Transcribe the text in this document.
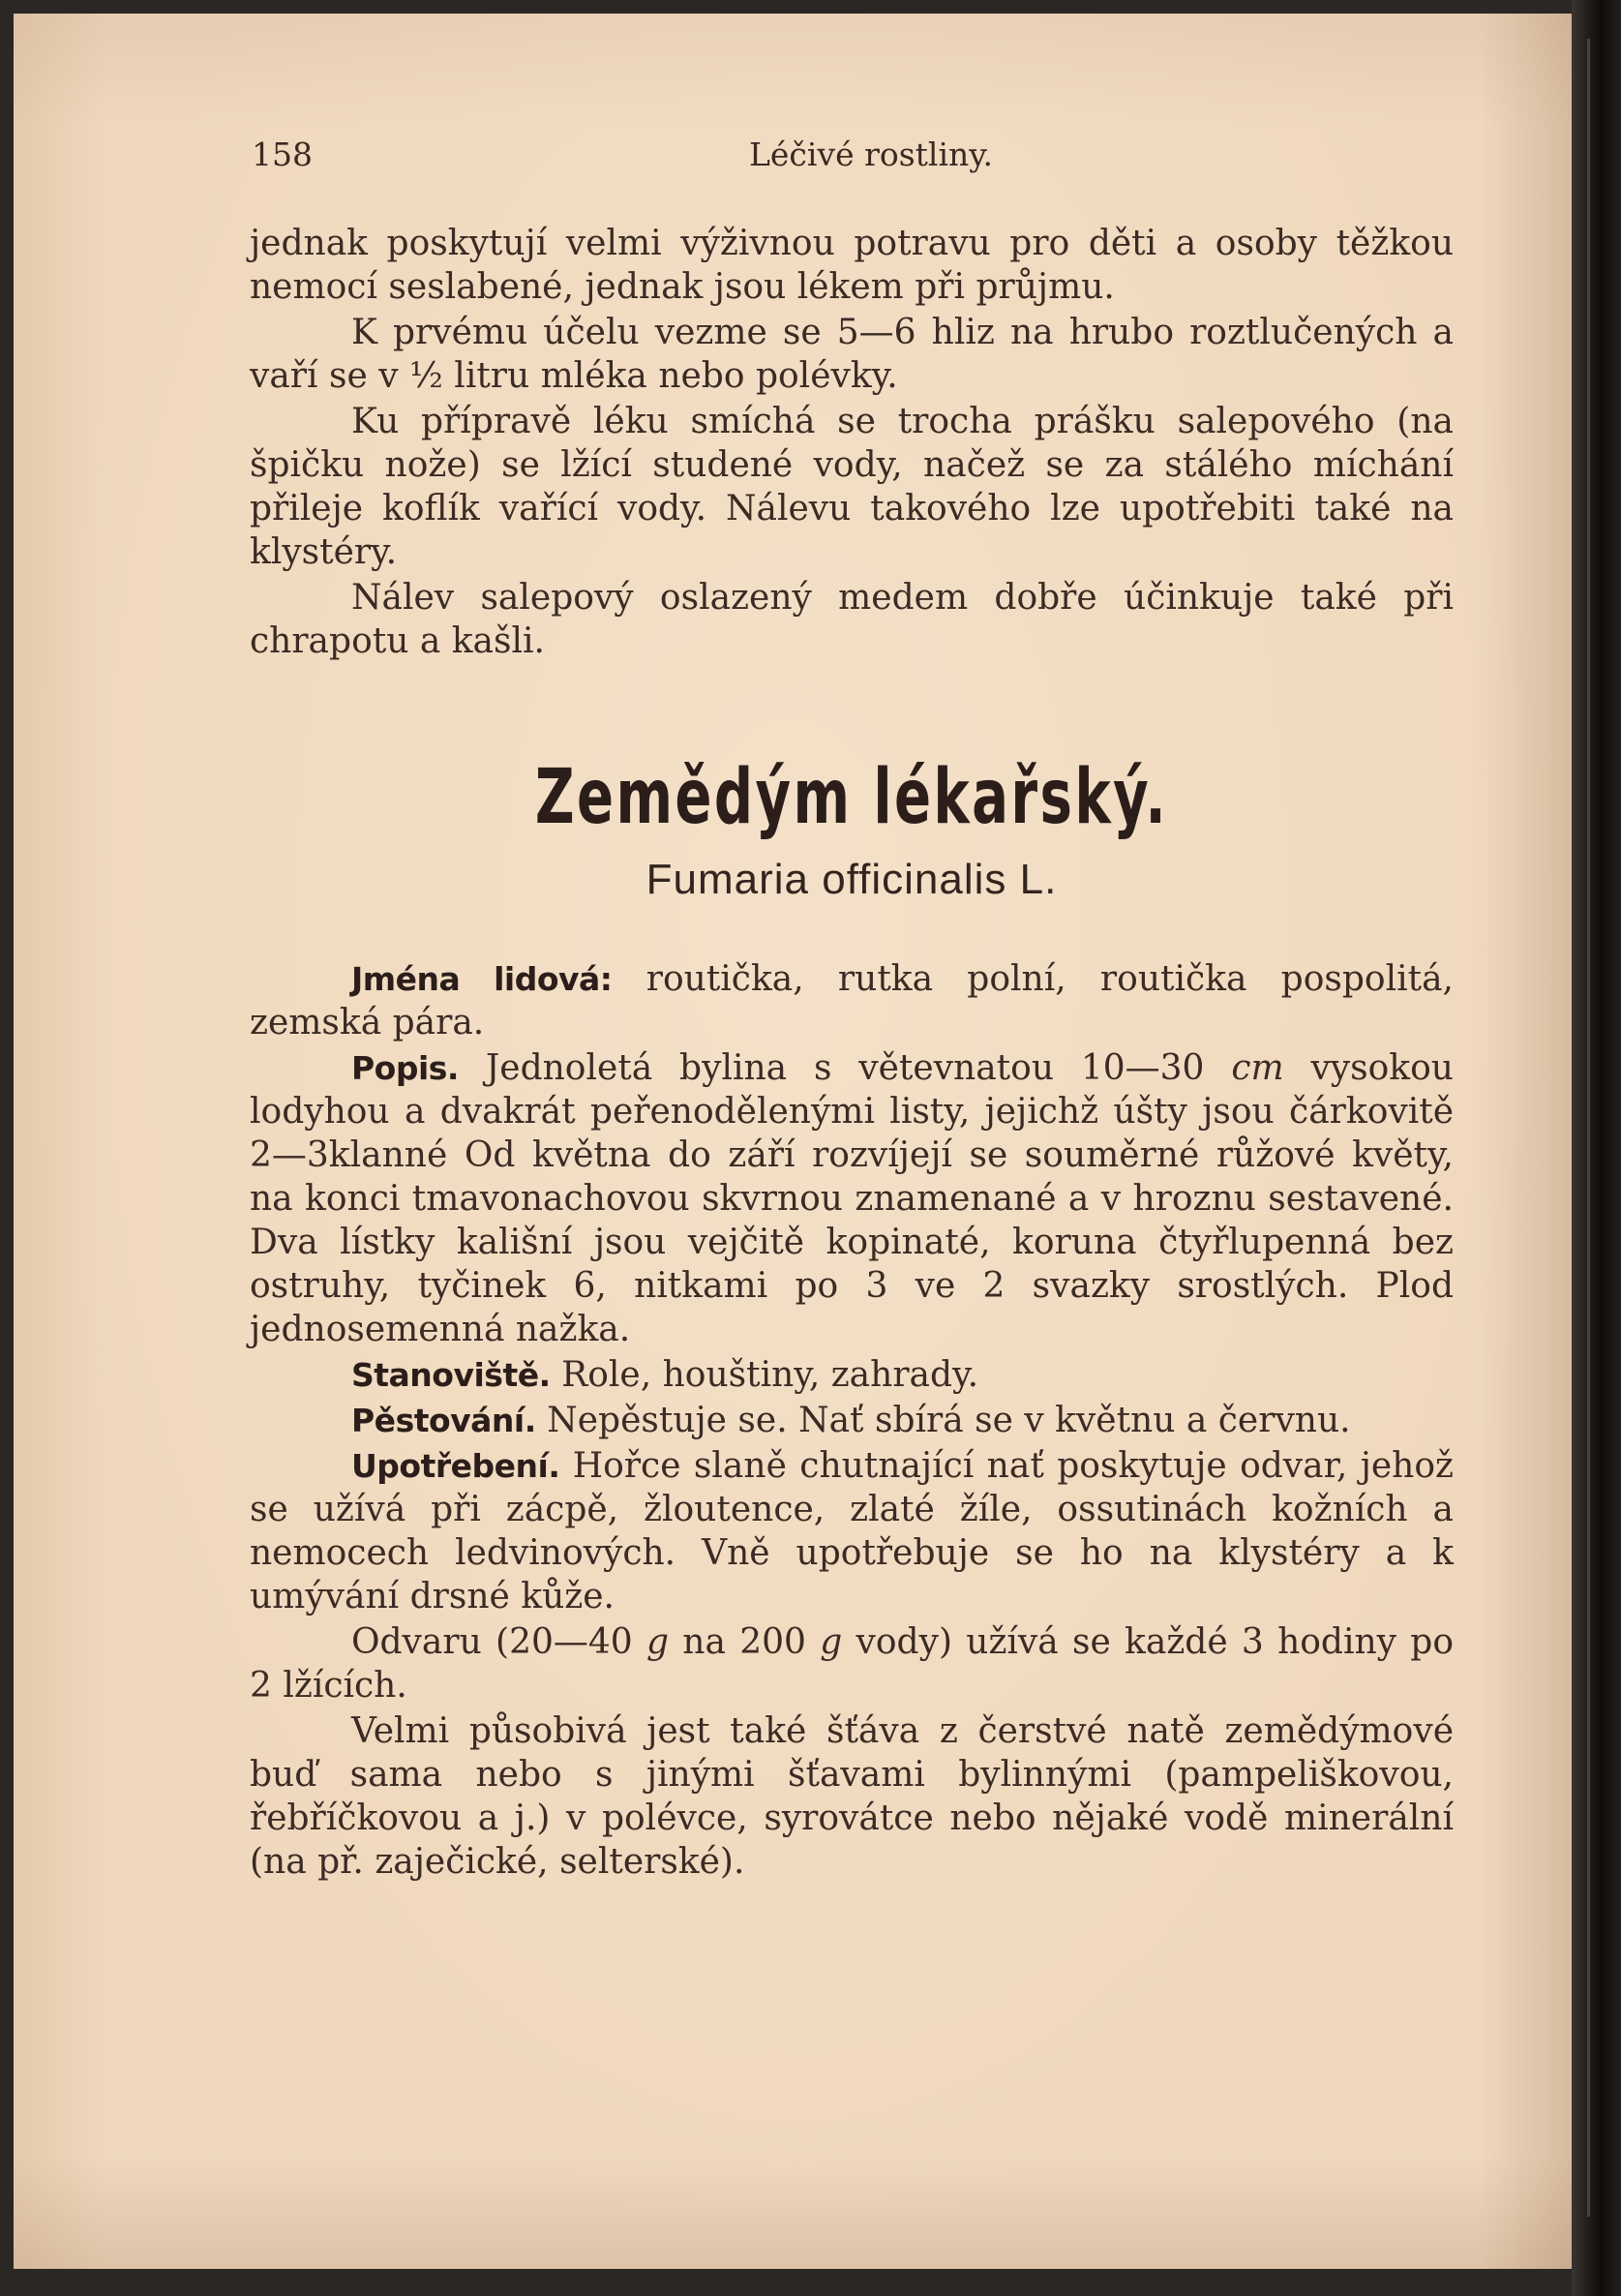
158	Léčivé rostliny.

jednak poskytují velmi výživnou potravu pro děti a osoby těžkou nemocí seslabené, jednak jsou lékem při průjmu.

K prvému účelu vezme se 5—6 hliz na hrubo roztlučených a vaří se v ½ litru mléka nebo polévky.

Ku přípravě léku smíchá se trocha prášku salepového (na špičku nože) se lžící studené vody, načež se za stálého míchání přileje koflík vařící vody. Nálevu takového lze upotřebiti také na klystéry.

Nálev salepový oslazený medem dobře účinkuje také při chrapotu a kašli.

Zemědým lékařský.
Fumaria officinalis L.

Jména lidová: routička, rutka polní, routička pospolitá, zemská pára.

Popis. Jednoletá bylina s větevnatou 10—30 cm vysokou lodyhou a dvakrát peřenodělenými listy, jejichž úšty jsou čárkovitě 2—3klanné Od května do září rozvíjejí se souměrné růžové květy, na konci tmavonachovou skvrnou znamenané a v hroznu sestavené. Dva lístky kališní jsou vejčitě kopinaté, koruna čtyřlupenná bez ostruhy, tyčinek 6, nitkami po 3 ve 2 svazky srostlých. Plod jednosemenná nažka.

Stanoviště. Role, houštiny, zahrady.

Pěstování. Nepěstuje se. Nať sbírá se v květnu a červnu.

Upotřebení. Hořce slaně chutnající nať poskytuje odvar, jehož se užívá při zácpě, žloutence, zlaté žíle, ossutinách kožních a nemocech ledvinových. Vně upotřebuje se ho na klystéry a k umývání drsné kůže.

Odvaru (20—40 g na 200 g vody) užívá se každé 3 hodiny po 2 lžících.

Velmi působivá jest také šťáva z čerstvé natě zemědýmové buď sama nebo s jinými šťavami bylinnými (pampeliškovou, řebříčkovou a j.) v polévce, syrovátce nebo nějaké vodě minerální (na př. zaječické, selterské).
